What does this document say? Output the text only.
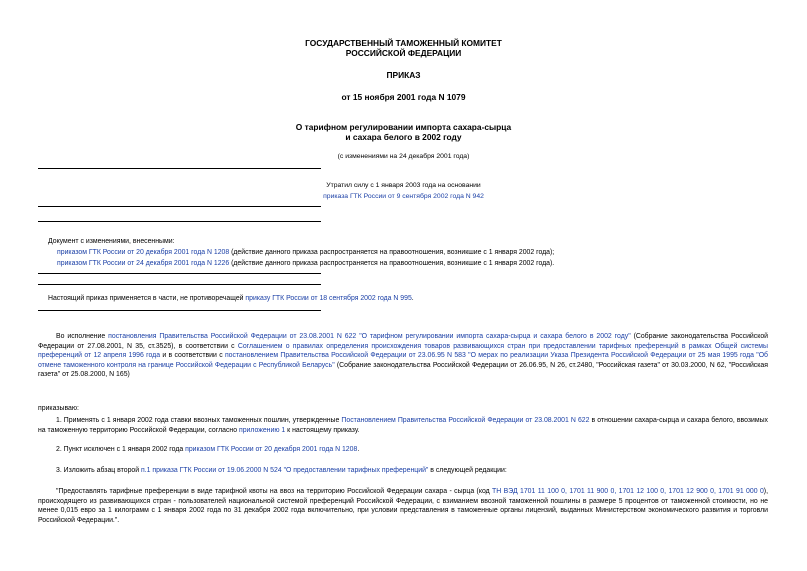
ГОСУДАРСТВЕННЫЙ ТАМОЖЕННЫЙ КОМИТЕТ
РОССИЙСКОЙ ФЕДЕРАЦИИ
ПРИКАЗ
от 15 ноября 2001 года N 1079
О тарифном регулировании импорта сахара-сырца
и сахара белого в 2002 году
(с изменениями на 24 декабря 2001 года)
Утратил силу с 1 января 2003 года на основании
приказа ГТК России от 9 сентября 2002 года N 942
Документ с изменениями, внесенными:
приказом ГТК России от 20 декабря 2001 года N 1208 (действие данного приказа распространяется на правоотношения, возникшие с 1 января 2002 года);
приказом ГТК России от 24 декабря 2001 года N 1226 (действие данного приказа распространяется на правоотношения, возникшие с 1 января 2002 года).
Настоящий приказ применяется в части, не противоречащей приказу ГТК России от 18 сентября 2002 года N 995.
Во исполнение постановления Правительства Российской Федерации от 23.08.2001 N 622 "О тарифном регулировании импорта сахара-сырца и сахара белого в 2002 году" (Собрание законодательства Российской Федерации от 27.08.2001, N 35, ст.3525), в соответствии с Соглашением о правилах определения происхождения товаров развивающихся стран при предоставлении тарифных преференций в рамках Общей системы преференций от 12 апреля 1996 года и в соответствии с постановлением Правительства Российской Федерации от 23.06.95 N 583 "О мерах по реализации Указа Президента Российской Федерации от 25 мая 1995 года "Об отмене таможенного контроля на границе Российской Федерации с Республикой Беларусь" (Собрание законодательства Российской Федерации от 26.06.95, N 26, ст.2480, "Российская газета" от 30.03.2000, N 62, "Российская газета" от 25.08.2000, N 165)
приказываю:
1. Применять с 1 января 2002 года ставки ввозных таможенных пошлин, утвержденные Постановлением Правительства Российской Федерации от 23.08.2001 N 622 в отношении сахара-сырца и сахара белого, ввозимых на таможенную территорию Российской Федерации, согласно приложению 1 к настоящему приказу.
2. Пункт исключен с 1 января 2002 года приказом ГТК России от 20 декабря 2001 года N 1208.
3. Изложить абзац второй п.1 приказа ГТК России от 19.06.2000 N 524 "О предоставлении тарифных преференций" в следующей редакции:
"Предоставлять тарифные преференции в виде тарифной квоты на ввоз на территорию Российской Федерации сахара - сырца (код ТН ВЭД 1701 11 100 0, 1701 11 900 0, 1701 12 100 0, 1701 12 900 0, 1701 91 000 0), происходящего из развивающихся стран - пользователей национальной системой преференций Российской Федерации, с взиманием ввозной таможенной пошлины в размере 5 процентов от таможенной стоимости, но не менее 0,015 евро за 1 килограмм с 1 января 2002 года по 31 декабря 2002 года включительно, при условии представления в таможенные органы лицензий, выданных Министерством экономического развития и торговли Российской Федерации.".
